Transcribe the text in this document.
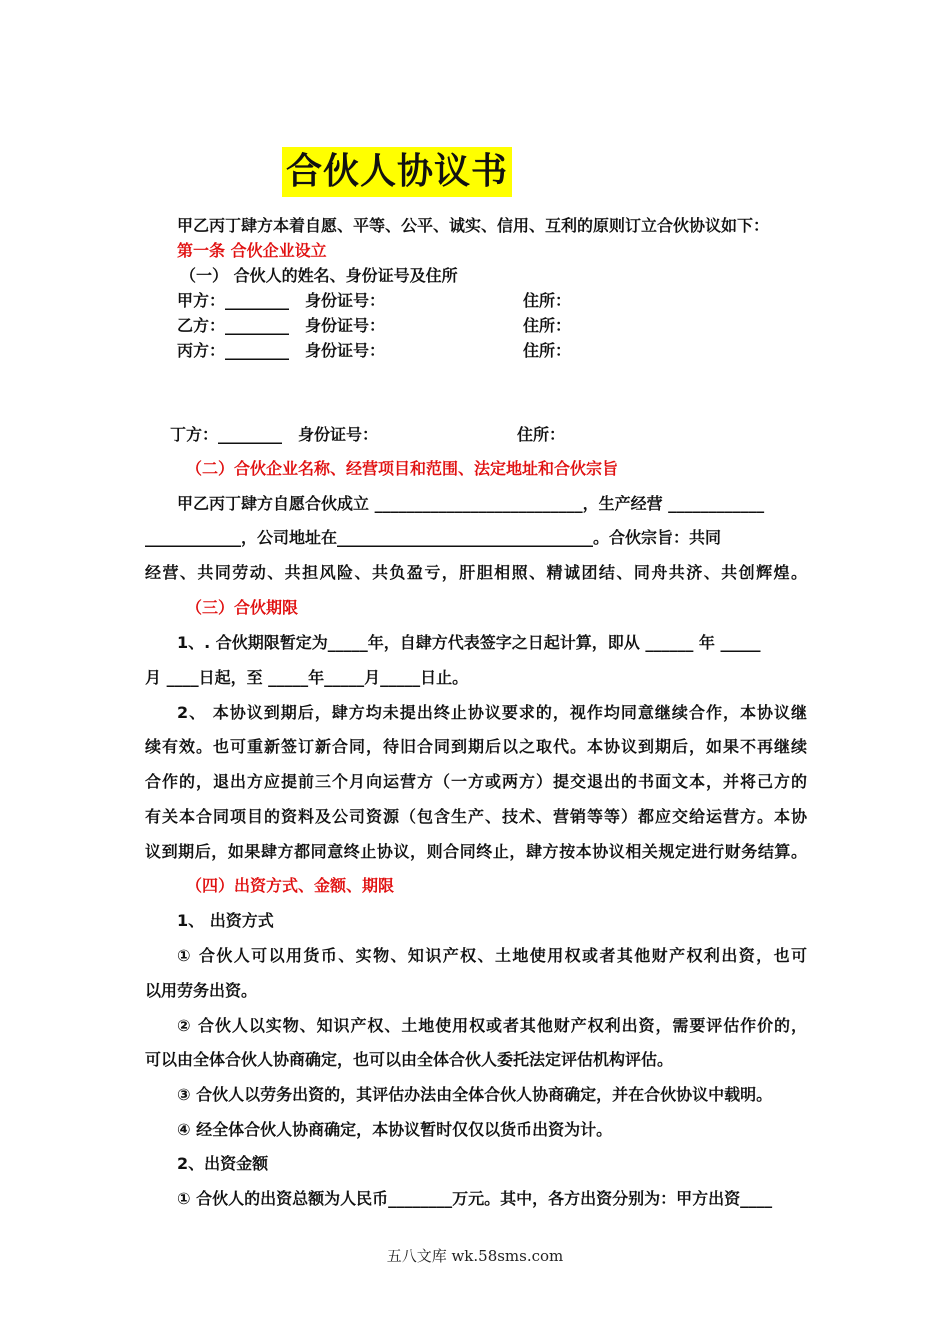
合伙人协议书
甲乙丙丁肆方本着自愿、平等、公平、诚实、信用、互利的原则订立合伙协议如下：
第一条 合伙企业设立
（一） 合伙人的姓名、身份证号及住所
甲方：________ 身份证号：	住所：
乙方：________ 身份证号：	住所：
丙方：________ 身份证号：	住所：
丁方：________ 身份证号：	住所：
（二）合伙企业名称、经营项目和范围、法定地址和合伙宗旨
甲乙丙丁肆方自愿合伙成立 __________________________，生产经营 ____________
____________，公司地址在________________________________。合伙宗旨：共同
经营、共同劳动、共担风险、共负盈亏，肝胆相照、精诚团结、同舟共济、共创辉煌。
（三）合伙期限
1、. 合伙期限暂定为_____年，自肆方代表签字之日起计算，即从 ______ 年 _____
月 ____日起，至 _____年_____月_____日止。
2、 本协议到期后，肆方均未提出终止协议要求的，视作均同意继续合作，本协议继
续有效。也可重新签订新合同，待旧合同到期后以之取代。本协议到期后，如果不再继续
合作的，退出方应提前三个月向运营方（一方或两方）提交退出的书面文本，并将己方的
有关本合同项目的资料及公司资源（包含生产、技术、营销等等）都应交给运营方。本协
议到期后，如果肆方都同意终止协议，则合同终止，肆方按本协议相关规定进行财务结算。
（四）出资方式、金额、期限
1、 出资方式
① 合伙人可以用货币、实物、知识产权、土地使用权或者其他财产权利出资，也可
以用劳务出资。
② 合伙人以实物、知识产权、土地使用权或者其他财产权利出资，需要评估作价的，
可以由全体合伙人协商确定，也可以由全体合伙人委托法定评估机构评估。
③ 合伙人以劳务出资的，其评估办法由全体合伙人协商确定，并在合伙协议中载明。
④ 经全体合伙人协商确定，本协议暂时仅仅以货币出资为计。
2、出资金额
① 合伙人的出资总额为人民币________万元。其中，各方出资分别为：甲方出资____
五八文库 wk.58sms.com
